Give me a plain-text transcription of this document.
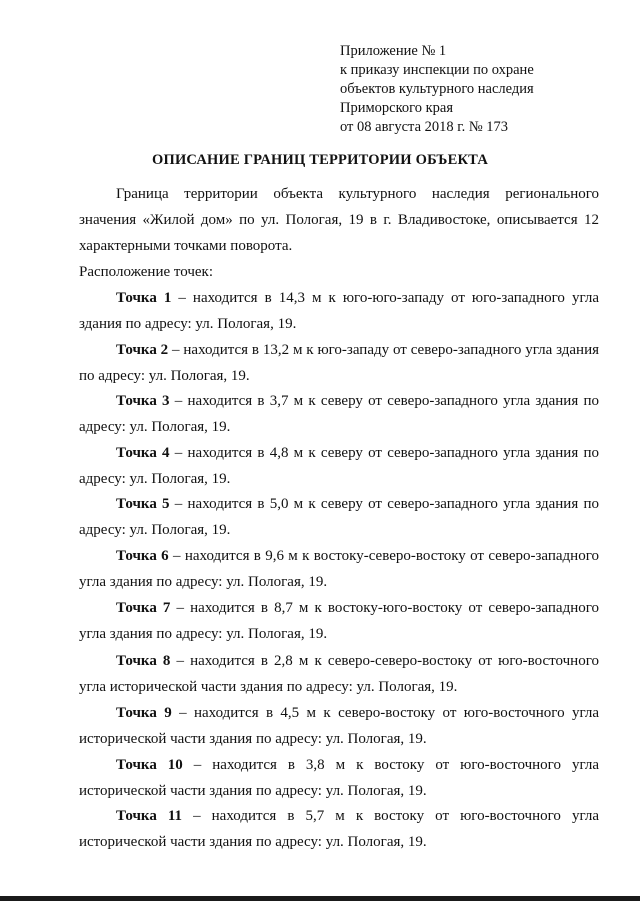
Приложение № 1
к приказу инспекции по охране
объектов культурного наследия
Приморского края
от 08 августа 2018 г. № 173
ОПИСАНИЕ ГРАНИЦ ТЕРРИТОРИИ ОБЪЕКТА
Граница территории объекта культурного наследия регионального значения «Жилой дом» по ул. Пологая, 19 в г. Владивостоке, описывается 12 характерными точками поворота.
Расположение точек:
Точка 1 – находится в 14,3 м к юго-юго-западу от юго-западного угла здания по адресу: ул. Пологая, 19.
Точка 2 – находится в 13,2 м к юго-западу от северо-западного угла здания по адресу: ул. Пологая, 19.
Точка 3 – находится в 3,7 м к северу от северо-западного угла здания по адресу: ул. Пологая, 19.
Точка 4 – находится в 4,8 м к северу от северо-западного угла здания по адресу: ул. Пологая, 19.
Точка 5 – находится в 5,0 м к северу от северо-западного угла здания по адресу: ул. Пологая, 19.
Точка 6 – находится в 9,6 м к востоку-северо-востоку от северо-западного угла здания по адресу: ул. Пологая, 19.
Точка 7 – находится в 8,7 м к востоку-юго-востоку от северо-западного угла здания по адресу: ул. Пологая, 19.
Точка 8 – находится в 2,8 м к северо-северо-востоку от юго-восточного угла исторической части здания по адресу: ул. Пологая, 19.
Точка 9 – находится в 4,5 м к северо-востоку от юго-восточного угла исторической части здания по адресу: ул. Пологая, 19.
Точка 10 – находится в 3,8 м к востоку от юго-восточного угла исторической части здания по адресу: ул. Пологая, 19.
Точка 11 – находится в 5,7 м к востоку от юго-восточного угла исторической части здания по адресу: ул. Пологая, 19.
